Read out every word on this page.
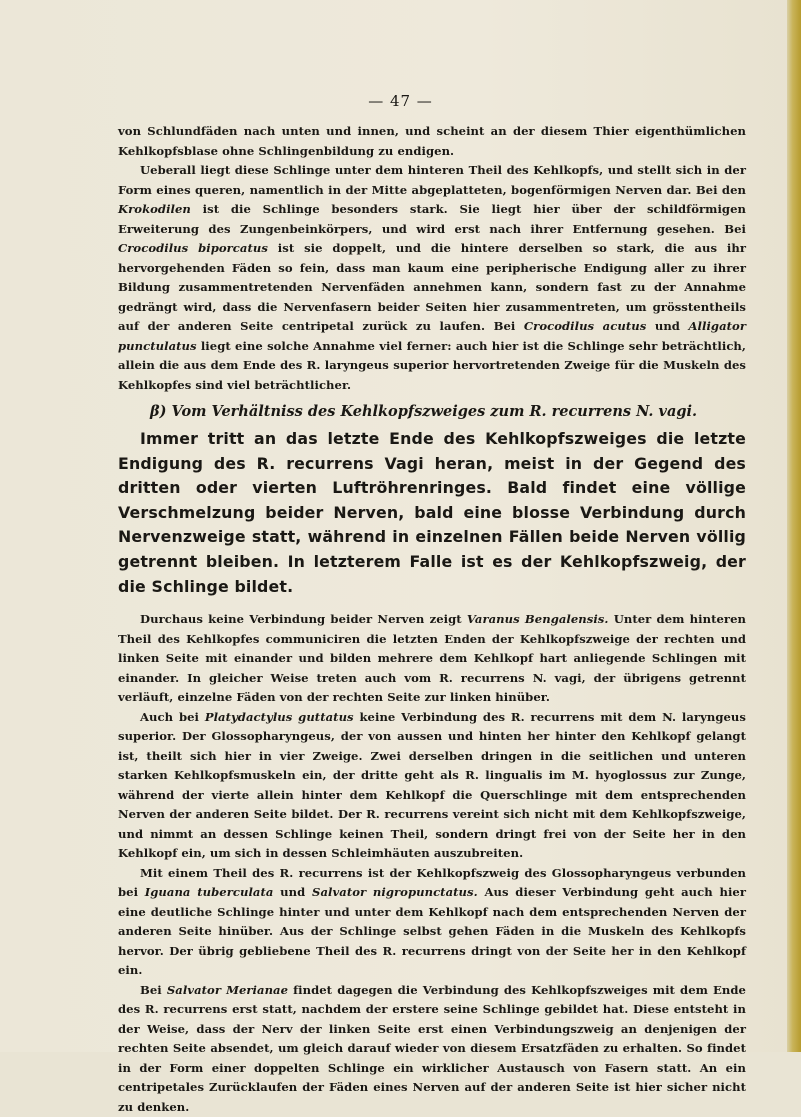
— 47 —

von Schlundfäden nach unten und innen, und scheint an der diesem Thier eigenthümlichen Kehlkopfsblase ohne Schlingenbildung zu endigen.

Ueberall liegt diese Schlinge unter dem hinteren Theil des Kehlkopfs, und stellt sich in der Form eines queren, namentlich in der Mitte abgeplatteten, bogenförmigen Nerven dar. Bei den Krokodilen ist die Schlinge besonders stark. Sie liegt hier über der schildförmigen Erweiterung des Zungenbeinkörpers, und wird erst nach ihrer Entfernung gesehen. Bei Crocodilus biporcatus ist sie doppelt, und die hintere derselben so stark, die aus ihr hervorgehenden Fäden so fein, dass man kaum eine peripherische Endigung aller zu ihrer Bildung zusammentretenden Nervenfäden annehmen kann, sondern fast zu der Annahme gedrängt wird, dass die Nervenfasern beider Seiten hier zusammentreten, um grösstentheils auf der anderen Seite centripetal zurück zu laufen. Bei Crocodilus acutus und Alligator punctulatus liegt eine solche Annahme viel ferner: auch hier ist die Schlinge sehr beträchtlich, allein die aus dem Ende des R. laryngeus superior hervortretenden Zweige für die Muskeln des Kehlkopfes sind viel beträchtlicher.

β) Vom Verhältniss des Kehlkopfszweiges zum R. recurrens N. vagi.
Immer tritt an das letzte Ende des Kehlkopfszweiges die letzte Endigung des R. recurrens Vagi heran, meist in der Gegend des dritten oder vierten Luftröhrenringes. Bald findet eine völlige Verschmelzung beider Nerven, bald eine blosse Verbindung durch Nervenzweige statt, während in einzelnen Fällen beide Nerven völlig getrennt bleiben. In letzterem Falle ist es der Kehlkopfszweig, der die Schlinge bildet.

Durchaus keine Verbindung beider Nerven zeigt Varanus Bengalensis. Unter dem hinteren Theil des Kehlkopfes communiciren die letzten Enden der Kehlkopfszweige der rechten und linken Seite mit einander und bilden mehrere dem Kehlkopf hart anliegende Schlingen mit einander. In gleicher Weise treten auch vom R. recurrens N. vagi, der übrigens getrennt verläuft, einzelne Fäden von der rechten Seite zur linken hinüber.

Auch bei Platydactylus guttatus keine Verbindung des R. recurrens mit dem N. laryngeus superior. Der Glossopharyngeus, der von aussen und hinten her hinter den Kehlkopf gelangt ist, theilt sich hier in vier Zweige. Zwei derselben dringen in die seitlichen und unteren starken Kehlkopfsmuskeln ein, der dritte geht als R. lingualis im M. hyoglossus zur Zunge, während der vierte allein hinter dem Kehlkopf die Querschlinge mit dem entsprechenden Nerven der anderen Seite bildet. Der R. recurrens vereint sich nicht mit dem Kehlkopfszweige, und nimmt an dessen Schlinge keinen Theil, sondern dringt frei von der Seite her in den Kehlkopf ein, um sich in dessen Schleimhäuten auszubreiten.

Mit einem Theil des R. recurrens ist der Kehlkopfszweig des Glossopharyngeus verbunden bei Iguana tuberculata und Salvator nigropunctatus. Aus dieser Verbindung geht auch hier eine deutliche Schlinge hinter und unter dem Kehlkopf nach dem entsprechenden Nerven der anderen Seite hinüber. Aus der Schlinge selbst gehen Fäden in die Muskeln des Kehlkopfs hervor. Der übrig gebliebene Theil des R. recurrens dringt von der Seite her in den Kehlkopf ein.

Bei Salvator Merianae findet dagegen die Verbindung des Kehlkopfszweiges mit dem Ende des R. recurrens erst statt, nachdem der erstere seine Schlinge gebildet hat. Diese entsteht in der Weise, dass der Nerv der linken Seite erst einen Verbindungszweig an denjenigen der rechten Seite absendet, um gleich darauf wieder von diesem Ersatzfäden zu erhalten. So findet in der Form einer doppelten Schlinge ein wirklicher Austausch von Fasern statt. An ein centripetales Zurücklaufen der Fäden eines Nerven auf der anderen Seite ist hier sicher nicht zu denken.
